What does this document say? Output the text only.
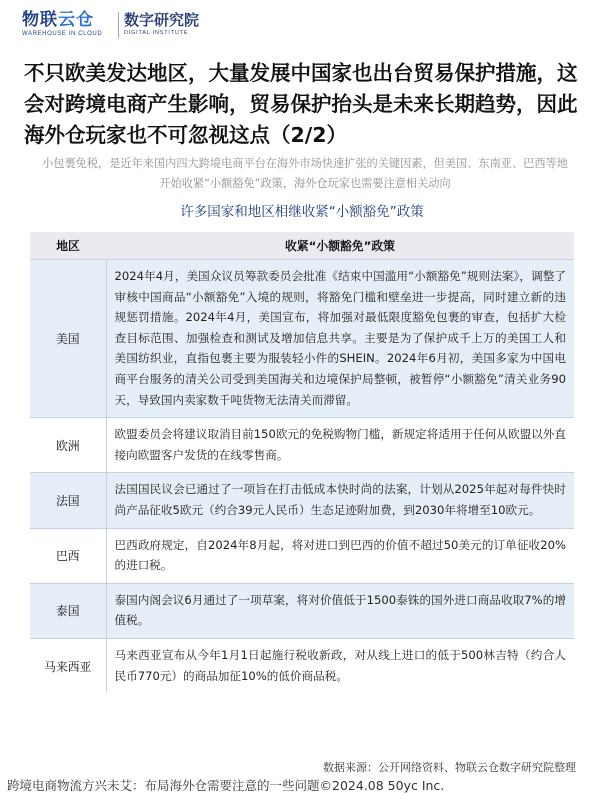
物联云仓
WAREHOUSE IN CLOUD
数字研究院
DIGITAL INSTITUTE
不只欧美发达地区，大量发展中国家也出台贸易保护措施，这会对跨境电商产生影响，贸易保护抬头是未来长期趋势，因此海外仓玩家也不可忽视这点（2/2）
小包裹免税，是近年来国内四大跨境电商平台在海外市场快速扩张的关键因素，但美国、东南亚、巴西等地开始收紧“小额豁免”政策，海外仓玩家也需要注意相关动向
许多国家和地区相继收紧“小额豁免”政策
地区	收紧“小额豁免”政策
美国	2024年4月，美国众议员筹款委员会批准《结束中国滥用“小额豁免”规则法案》，调整了审核中国商品“小额豁免”入境的规则，将豁免门槛和壁垒进一步提高，同时建立新的违规惩罚措施。2024年4月，美国宣布，将加强对最低限度豁免包裹的审查，包括扩大检查目标范围、加强检查和测试及增加信息共享。主要是为了保护成千上万的美国工人和美国纺织业，直指包裹主要为服装轻小件的SHEIN。2024年6月初，美国多家为中国电商平台服务的清关公司受到美国海关和边境保护局整顿，被暂停“小额豁免”清关业务90天，导致国内卖家数千吨货物无法清关而滞留。
欧洲	欧盟委员会将建议取消目前150欧元的免税购物门槛，新规定将适用于任何从欧盟以外直接向欧盟客户发货的在线零售商。
法国	法国国民议会已通过了一项旨在打击低成本快时尚的法案，计划从2025年起对每件快时尚产品征收5欧元（约合39元人民币）生态足迹附加费，到2030年将增至10欧元。
巴西	巴西政府规定，自2024年8月起，将对进口到巴西的价值不超过50美元的订单征收20%的进口税。
泰国	泰国内阁会议6月通过了一项草案，将对价值低于1500泰铢的国外进口商品收取7%的增值税。
马来西亚	马来西亚宣布从今年1月1日起施行税收新政，对从线上进口的低于500林吉特（约合人民币770元）的商品加征10%的低价商品税。
数据来源：公开网络资料、物联云仓数字研究院整理
跨境电商物流方兴未艾：布局海外仓需要注意的一些问题©2024.08 50yc Inc.
